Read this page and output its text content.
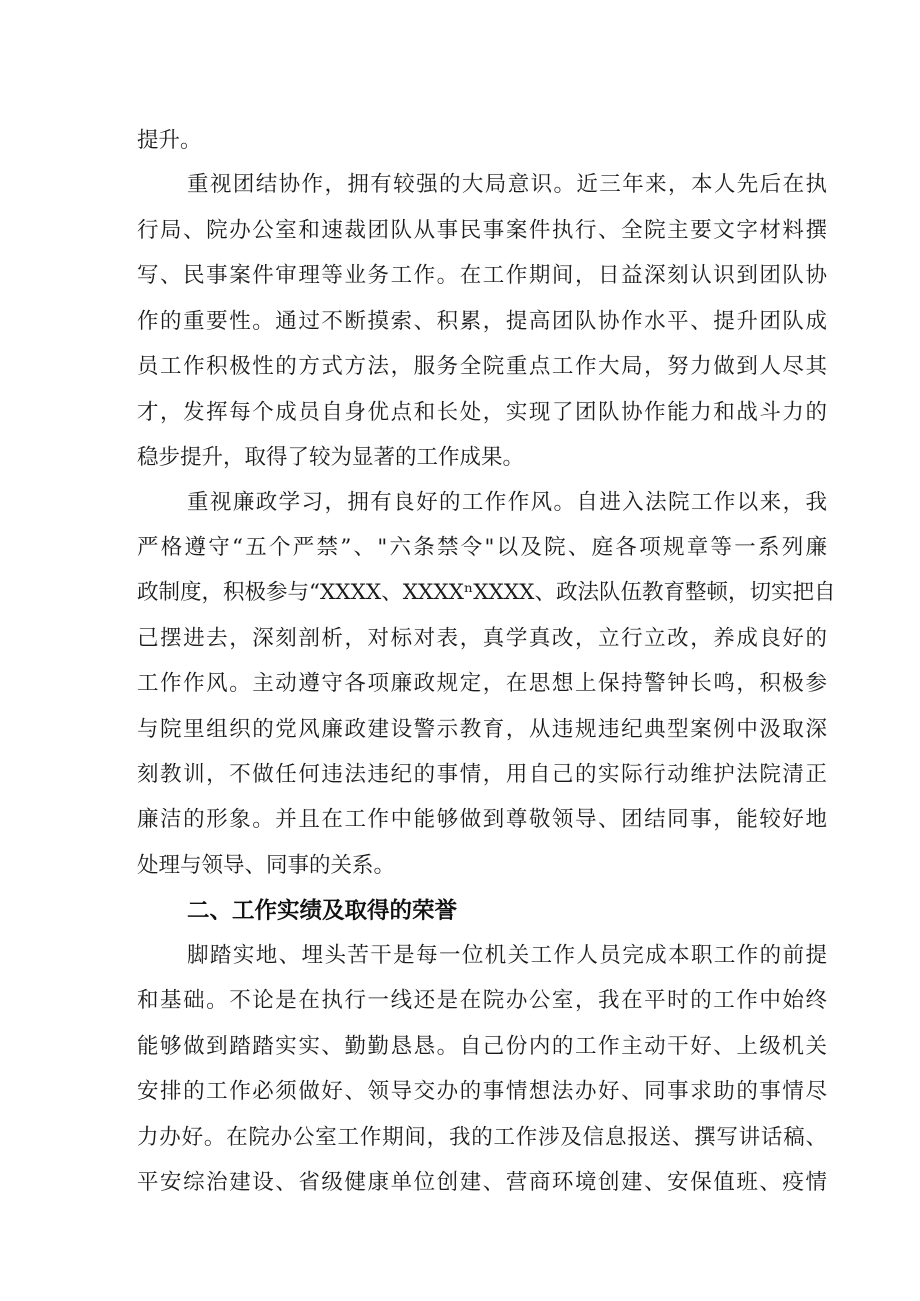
提升。
重视团结协作，拥有较强的大局意识。近三年来，本人先后在执
行局、院办公室和速裁团队从事民事案件执行、全院主要文字材料撰
写、民事案件审理等业务工作。在工作期间，日益深刻认识到团队协
作的重要性。通过不断摸索、积累，提高团队协作水平、提升团队成
员工作积极性的方式方法，服务全院重点工作大局，努力做到人尽其
才，发挥每个成员自身优点和长处，实现了团队协作能力和战斗力的
稳步提升，取得了较为显著的工作成果。
重视廉政学习，拥有良好的工作作风。自进入法院工作以来，我
严格遵守“五个严禁”、"六条禁令"以及院、庭各项规章等一系列廉
政制度，积极参与“XXXX、XXXXⁿXXXX、政法队伍教育整顿，切实把自
己摆进去，深刻剖析，对标对表，真学真改，立行立改，养成良好的
工作作风。主动遵守各项廉政规定，在思想上保持警钟长鸣，积极参
与院里组织的党风廉政建设警示教育，从违规违纪典型案例中汲取深
刻教训，不做任何违法违纪的事情，用自己的实际行动维护法院清正
廉洁的形象。并且在工作中能够做到尊敬领导、团结同事，能较好地
处理与领导、同事的关系。
二、工作实绩及取得的荣誉
脚踏实地、埋头苦干是每一位机关工作人员完成本职工作的前提
和基础。不论是在执行一线还是在院办公室，我在平时的工作中始终
能够做到踏踏实实、勤勤恳恳。自己份内的工作主动干好、上级机关
安排的工作必须做好、领导交办的事情想法办好、同事求助的事情尽
力办好。在院办公室工作期间，我的工作涉及信息报送、撰写讲话稿、
平安综治建设、省级健康单位创建、营商环境创建、安保值班、疫情
